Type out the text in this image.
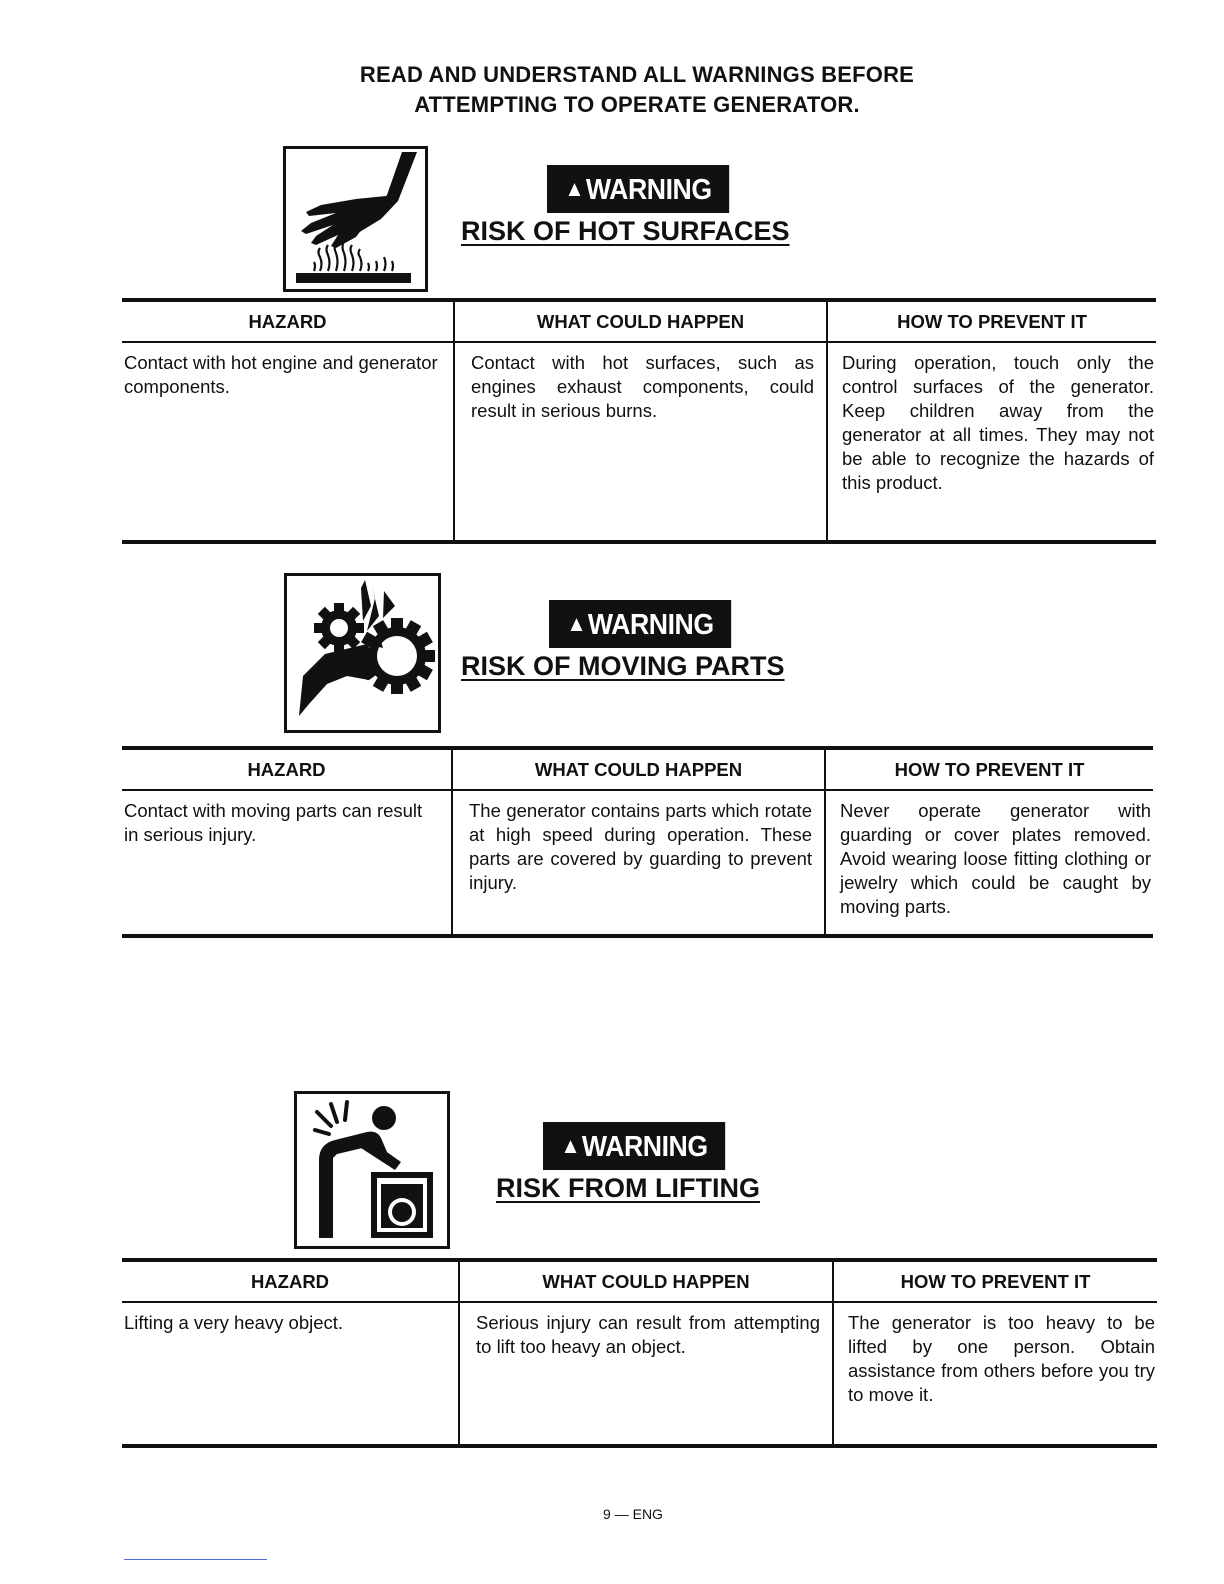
READ AND UNDERSTAND ALL WARNINGS BEFORE
ATTEMPTING TO OPERATE GENERATOR.
▲WARNING
RISK OF HOT SURFACES
HAZARD	WHAT COULD HAPPEN	HOW TO PREVENT IT
Contact with hot engine and generator components.	Contact with hot surfaces, such as engines exhaust components, could result in serious burns.	During operation, touch only the control surfaces of the generator. Keep children away from the generator at all times. They may not be able to recognize the hazards of this product.
▲WARNING
RISK OF MOVING PARTS
HAZARD	WHAT COULD HAPPEN	HOW TO PREVENT IT
Contact with moving parts can result in serious injury.	The generator contains parts which rotate at high speed during operation. These parts are covered by guarding to prevent injury.	Never operate generator with guarding or cover plates removed. Avoid wearing loose fitting clothing or jewelry which could be caught by moving parts.
▲WARNING
RISK FROM LIFTING
HAZARD	WHAT COULD HAPPEN	HOW TO PREVENT IT
Lifting a very heavy object.	Serious injury can result from attempting to lift too heavy an object.	The generator is too heavy to be lifted by one person. Obtain assistance from others before you try to move it.
9 — ENG
